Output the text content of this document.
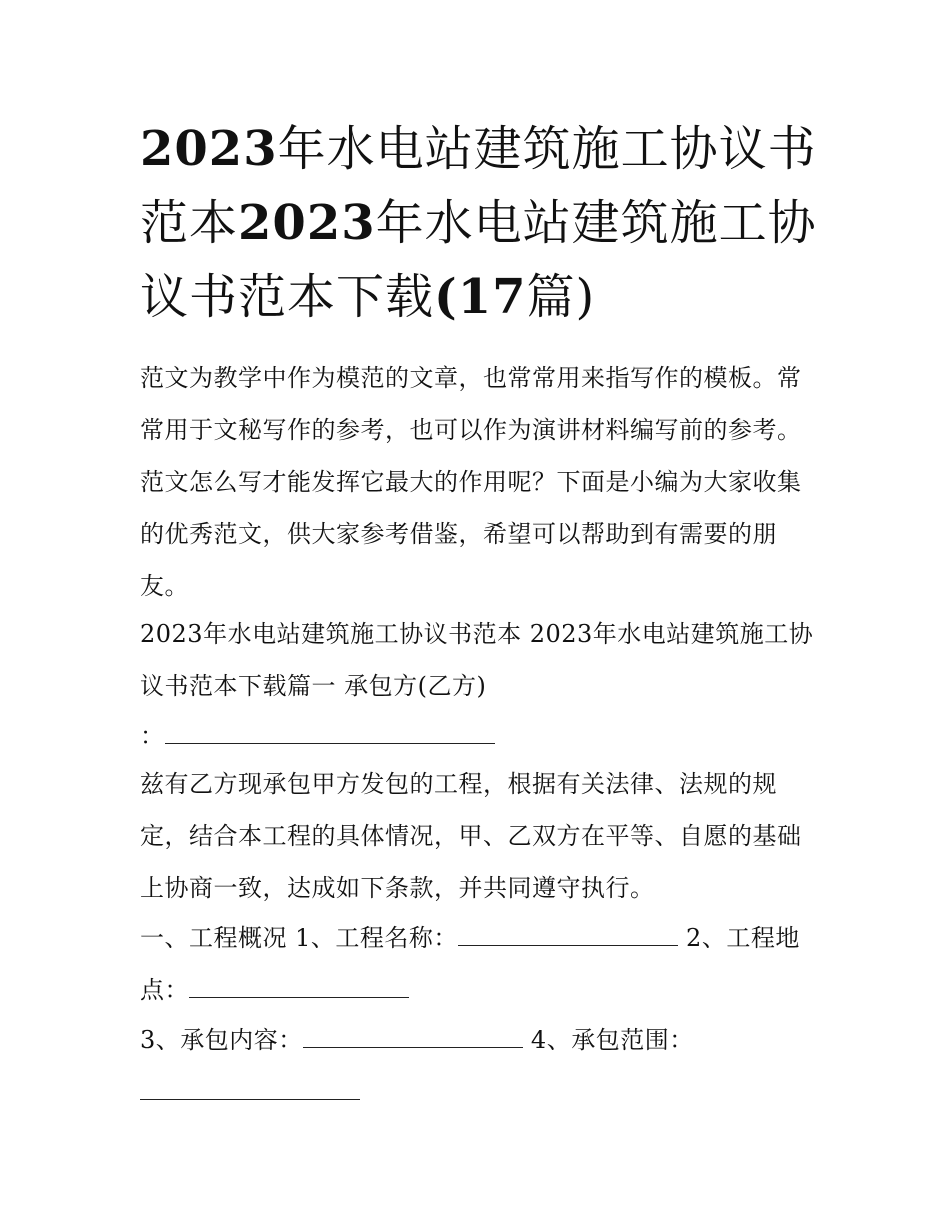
2023年水电站建筑施工协议书范本2023年水电站建筑施工协议书范本下载(17篇)

范文为教学中作为模范的文章，也常常用来指写作的模板。常常用于文秘写作的参考，也可以作为演讲材料编写前的参考。范文怎么写才能发挥它最大的作用呢？下面是小编为大家收集的优秀范文，供大家参考借鉴，希望可以帮助到有需要的朋友。

2023年水电站建筑施工协议书范本 2023年水电站建筑施工协议书范本下载篇一 承包方(乙方)

：

兹有乙方现承包甲方发包的工程，根据有关法律、法规的规定，结合本工程的具体情况，甲、乙双方在平等、自愿的基础上协商一致，达成如下条款，并共同遵守执行。

一、工程概况 1、工程名称：	2、工程地点：

3、承包内容：	4、承包范围：
